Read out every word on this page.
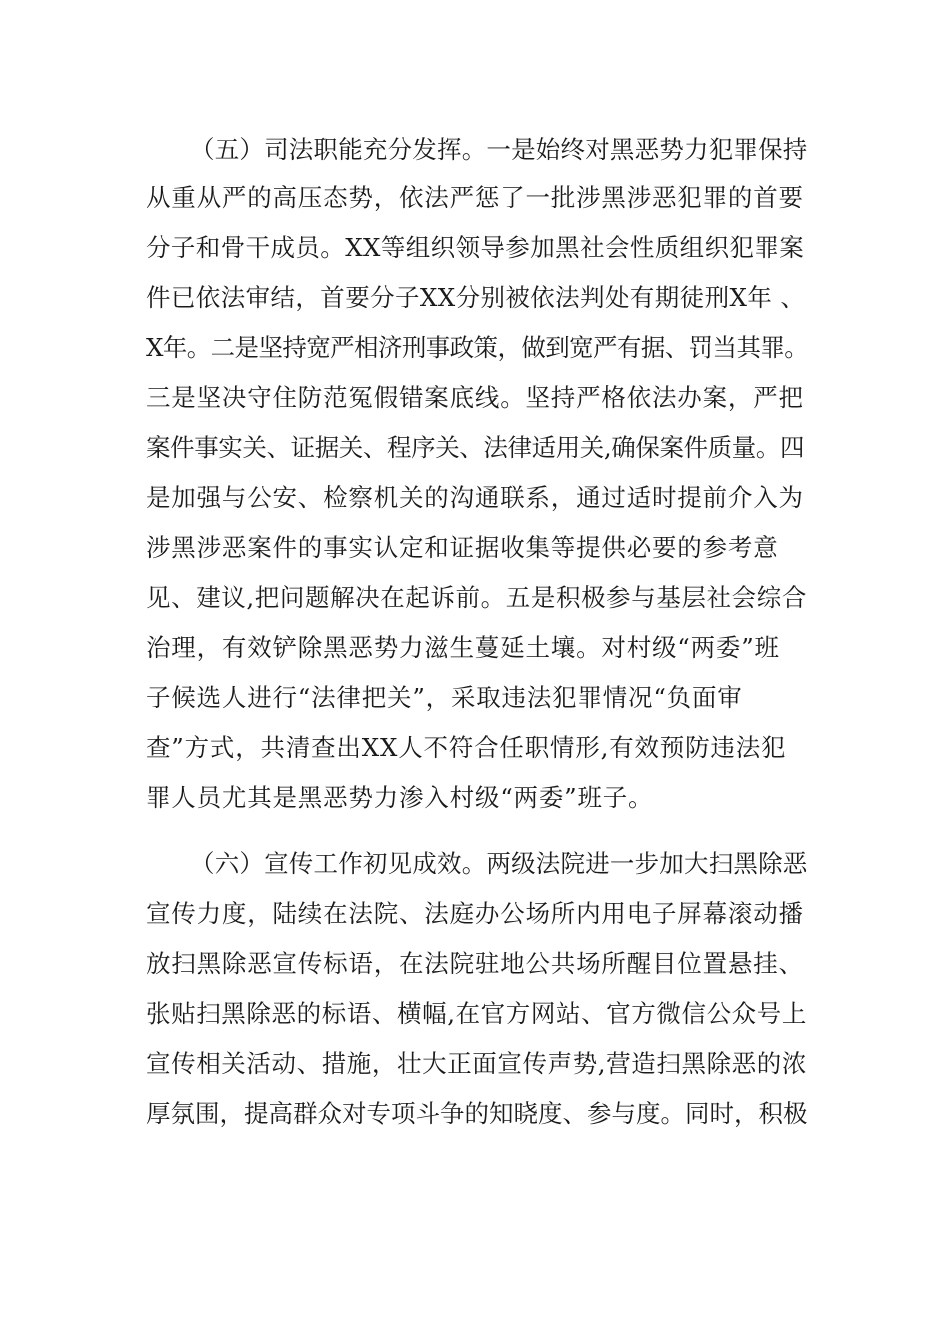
（五）司法职能充分发挥。一是始终对黑恶势力犯罪保持
从重从严的高压态势，依法严惩了一批涉黑涉恶犯罪的首要
分子和骨干成员。XX等组织领导参加黑社会性质组织犯罪案
件已依法审结，首要分子XX分别被依法判处有期徒刑X年 、
X年。二是坚持宽严相济刑事政策，做到宽严有据、罚当其罪。
三是坚决守住防范冤假错案底线。坚持严格依法办案，严把
案件事实关、证据关、程序关、法律适用关,确保案件质量。四
是加强与公安、检察机关的沟通联系，通过适时提前介入为
涉黑涉恶案件的事实认定和证据收集等提供必要的参考意
见、建议,把问题解决在起诉前。五是积极参与基层社会综合
治理，有效铲除黑恶势力滋生蔓延土壤。对村级“两委”班
子候选人进行“法律把关”，采取违法犯罪情况“负面审
查”方式，共清查出XX人不符合任职情形,有效预防违法犯
罪人员尤其是黑恶势力渗入村级“两委”班子。
（六）宣传工作初见成效。两级法院进一步加大扫黑除恶
宣传力度，陆续在法院、法庭办公场所内用电子屏幕滚动播
放扫黑除恶宣传标语，在法院驻地公共场所醒目位置悬挂、
张贴扫黑除恶的标语、横幅,在官方网站、官方微信公众号上
宣传相关活动、措施，壮大正面宣传声势,营造扫黑除恶的浓
厚氛围，提高群众对专项斗争的知晓度、参与度。同时，积极
